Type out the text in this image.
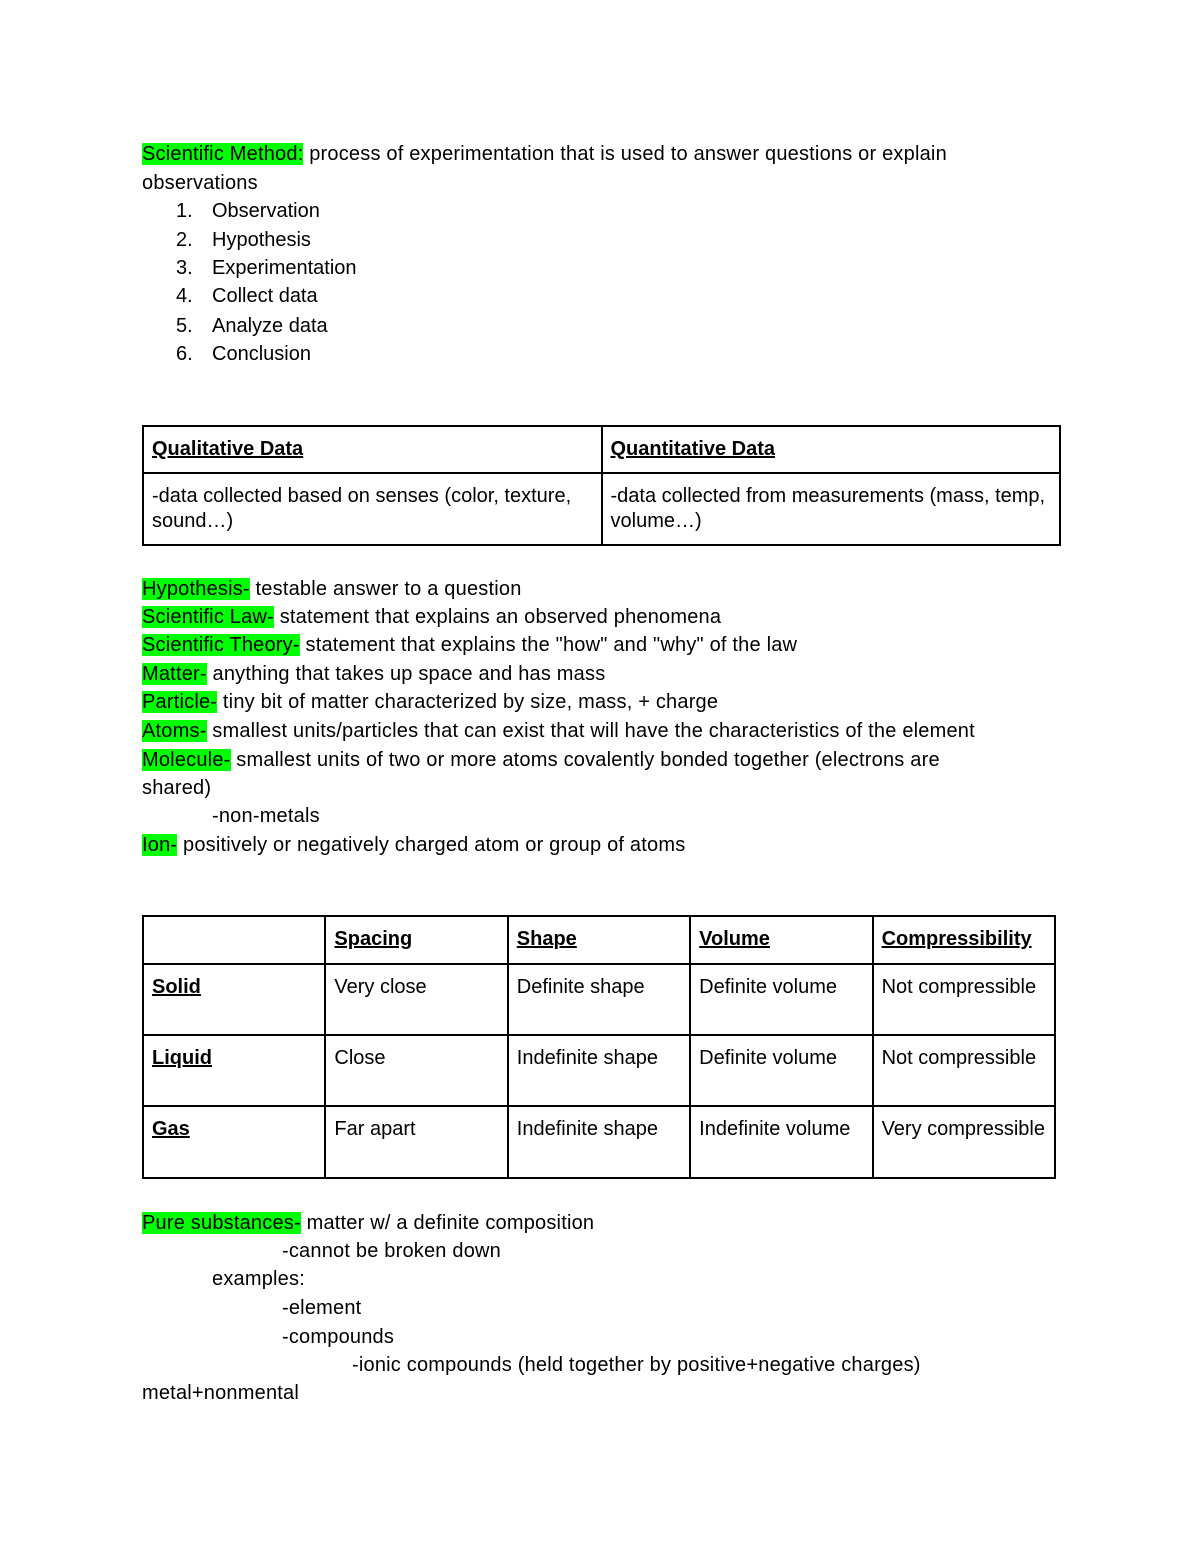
Scientific Method: process of experimentation that is used to answer questions or explain
observations
1. Observation
2. Hypothesis
3. Experimentation
4. Collect data
5. Analyze data
6. Conclusion
Qualitative Data	Quantitative Data
-data collected based on senses (color, texture, sound…)	-data collected from measurements (mass, temp, volume…)
Hypothesis- testable answer to a question
Scientific Law- statement that explains an observed phenomena
Scientific Theory- statement that explains the "how" and "why" of the law
Matter- anything that takes up space and has mass
Particle- tiny bit of matter characterized by size, mass, + charge
Atoms- smallest units/particles that can exist that will have the characteristics of the element
Molecule- smallest units of two or more atoms covalently bonded together (electrons are
shared)
-non-metals
Ion- positively or negatively charged atom or group of atoms
	Spacing	Shape	Volume	Compressibility
Solid	Very close	Definite shape	Definite volume	Not compressible
Liquid	Close	Indefinite shape	Definite volume	Not compressible
Gas	Far apart	Indefinite shape	Indefinite volume	Very compressible
Pure substances- matter w/ a definite composition
-cannot be broken down
examples:
-element
-compounds
-ionic compounds (held together by positive+negative charges)
metal+nonmental
